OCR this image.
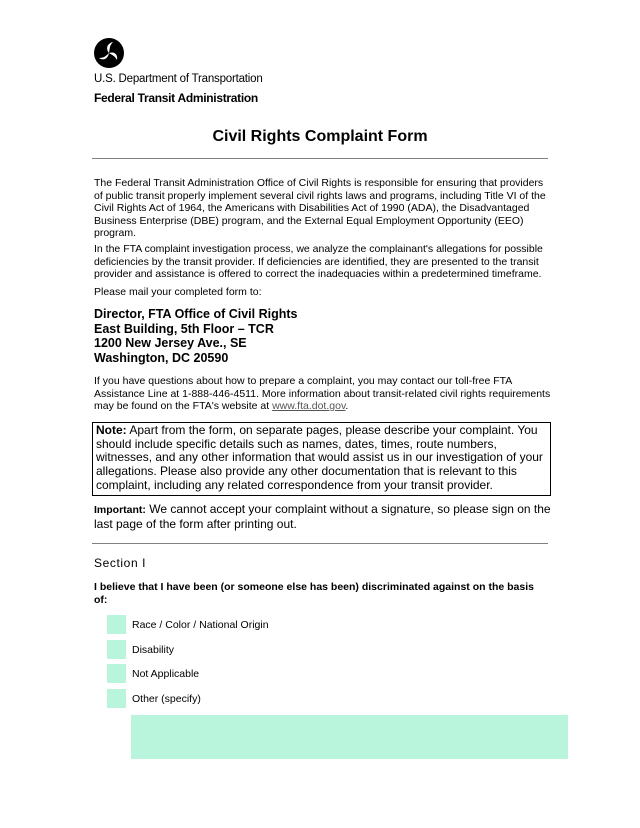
U.S. Department of Transportation
Federal Transit Administration
Civil Rights Complaint Form

The Federal Transit Administration Office of Civil Rights is responsible for ensuring that providers of public transit properly implement several civil rights laws and programs, including Title VI of the Civil Rights Act of 1964, the Americans with Disabilities Act of 1990 (ADA), the Disadvantaged Business Enterprise (DBE) program, and the External Equal Employment Opportunity (EEO) program.

In the FTA complaint investigation process, we analyze the complainant's allegations for possible deficiencies by the transit provider. If deficiencies are identified, they are presented to the transit provider and assistance is offered to correct the inadequacies within a predetermined timeframe.

Please mail your completed form to:

Director, FTA Office of Civil Rights
East Building, 5th Floor – TCR
1200 New Jersey Ave., SE
Washington, DC 20590

If you have questions about how to prepare a complaint, you may contact our toll-free FTA Assistance Line at 1-888-446-4511. More information about transit-related civil rights requirements may be found on the FTA's website at www.fta.dot.gov.

Note: Apart from the form, on separate pages, please describe your complaint. You should include specific details such as names, dates, times, route numbers, witnesses, and any other information that would assist us in our investigation of your allegations. Please also provide any other documentation that is relevant to this complaint, including any related correspondence from your transit provider.
Important: We cannot accept your complaint without a signature, so please sign on the last page of the form after printing out.
Section I
I believe that I have been (or someone else has been) discriminated against on the basis of:
Race / Color / National Origin
Disability
Not Applicable
Other (specify)
